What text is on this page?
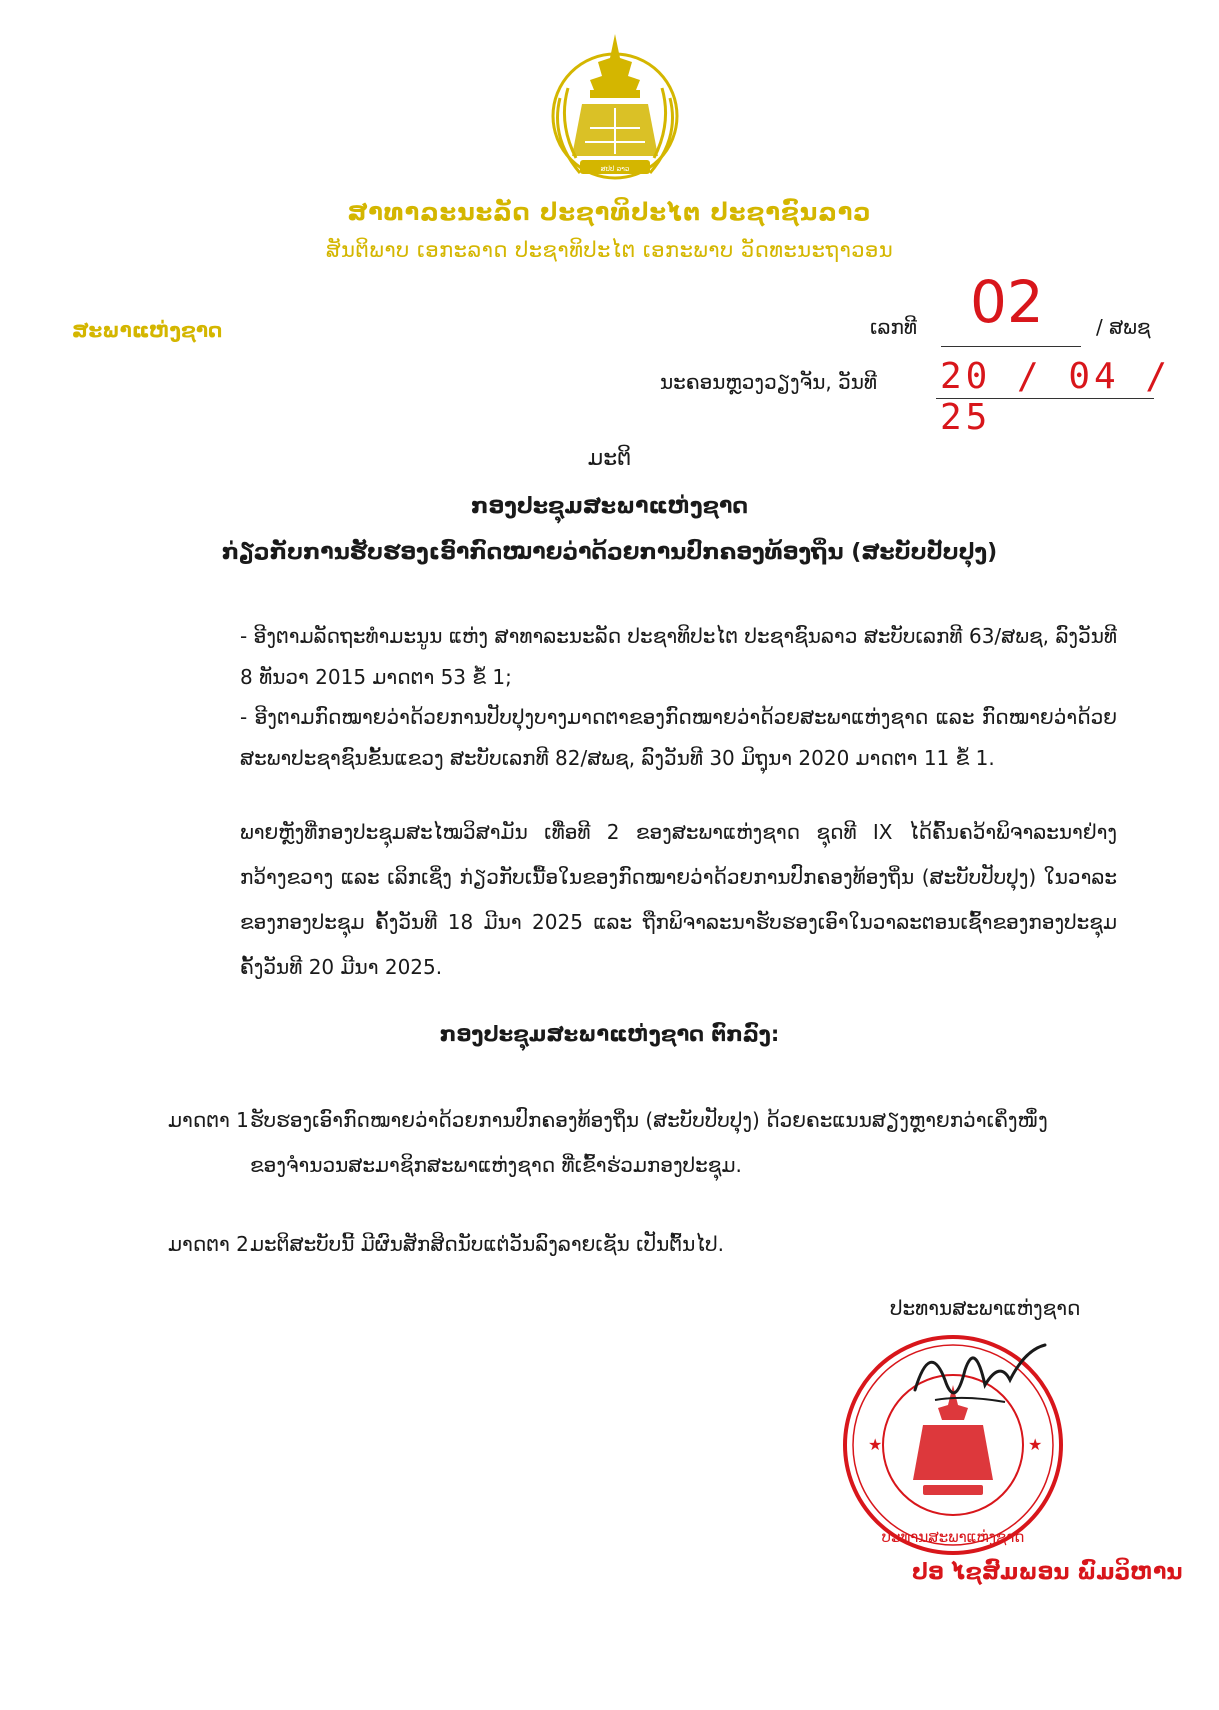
ສປປ ລາວ
ສາທາລະນະລັດ ປະຊາທິປະໄຕ ປະຊາຊົນລາວ
ສັນຕິພາບ ເອກະລາດ ປະຊາທິປະໄຕ ເອກະພາບ ວັດທະນະຖາວອນ
ສະພາແຫ່ງຊາດ	ເລກທີ 02	/ ສພຊ
ນະຄອນຫຼວງວຽງຈັນ, ວັນທີ 20 / 04 / 25
ມະຕິ
ກອງປະຊຸມສະພາແຫ່ງຊາດ
ກ່ຽວກັບການຮັບຮອງເອົາກົດໝາຍວ່າດ້ວຍການປົກຄອງທ້ອງຖິ່ນ (ສະບັບປັບປຸງ)
- ອີງຕາມລັດຖະທຳມະນູນ ແຫ່ງ ສາທາລະນະລັດ ປະຊາທິປະໄຕ ປະຊາຊົນລາວ ສະບັບເລກທີ 63/ສພຊ, ລົງວັນທີ 8 ທັນວາ 2015 ມາດຕາ 53 ຂໍ້ 1;
- ອີງຕາມກົດໝາຍວ່າດ້ວຍການປັບປຸງບາງມາດຕາຂອງກົດໝາຍວ່າດ້ວຍສະພາແຫ່ງຊາດ ແລະ ກົດໝາຍວ່າດ້ວຍສະພາປະຊາຊົນຂັ້ນແຂວງ ສະບັບເລກທີ 82/ສພຊ, ລົງວັນທີ 30 ມິຖຸນາ 2020 ມາດຕາ 11 ຂໍ້ 1.
ພາຍຫຼັງທີ່ກອງປະຊຸມສະໄໝວິສາມັນ ເທື່ອທີ 2 ຂອງສະພາແຫ່ງຊາດ ຊຸດທີ IX ໄດ້ຄົ້ນຄວ້າພິຈາລະນາຢ່າງກວ້າງຂວາງ ແລະ ເລິກເຊິ່ງ ກ່ຽວກັບເນື້ອໃນຂອງກົດໝາຍວ່າດ້ວຍການປົກຄອງທ້ອງຖິ່ນ (ສະບັບປັບປຸງ) ໃນວາລະຂອງກອງປະຊຸມ ຄັ້ງວັນທີ 18 ມີນາ 2025 ແລະ ຖືກພິຈາລະນາຮັບຮອງເອົາໃນວາລະຕອນເຊົ້າຂອງກອງປະຊຸມ ຄັ້ງວັນທີ 20 ມີນາ 2025.
ກອງປະຊຸມສະພາແຫ່ງຊາດ ຕົກລົງ:
ມາດຕາ 1ຮັບຮອງເອົາກົດໝາຍວ່າດ້ວຍການປົກຄອງທ້ອງຖິ່ນ (ສະບັບປັບປຸງ) ດ້ວຍຄະແນນສຽງຫຼາຍກວ່າເຄິ່ງໜຶ່ງ
ຂອງຈຳນວນສະມາຊິກສະພາແຫ່ງຊາດ ທີ່ເຂົ້າຮ່ວມກອງປະຊຸມ.
ມາດຕາ 2ມະຕິສະບັບນີ້ ມີຜົນສັກສິດນັບແຕ່ວັນລົງລາຍເຊັນ ເປັນຕົ້ນໄປ.
ປະທານສະພາແຫ່ງຊາດ
★	★
ປະທານສະພາແຫ່ງຊາດ
ປອ ໄຊສົມພອນ ພົມວິຫານ
